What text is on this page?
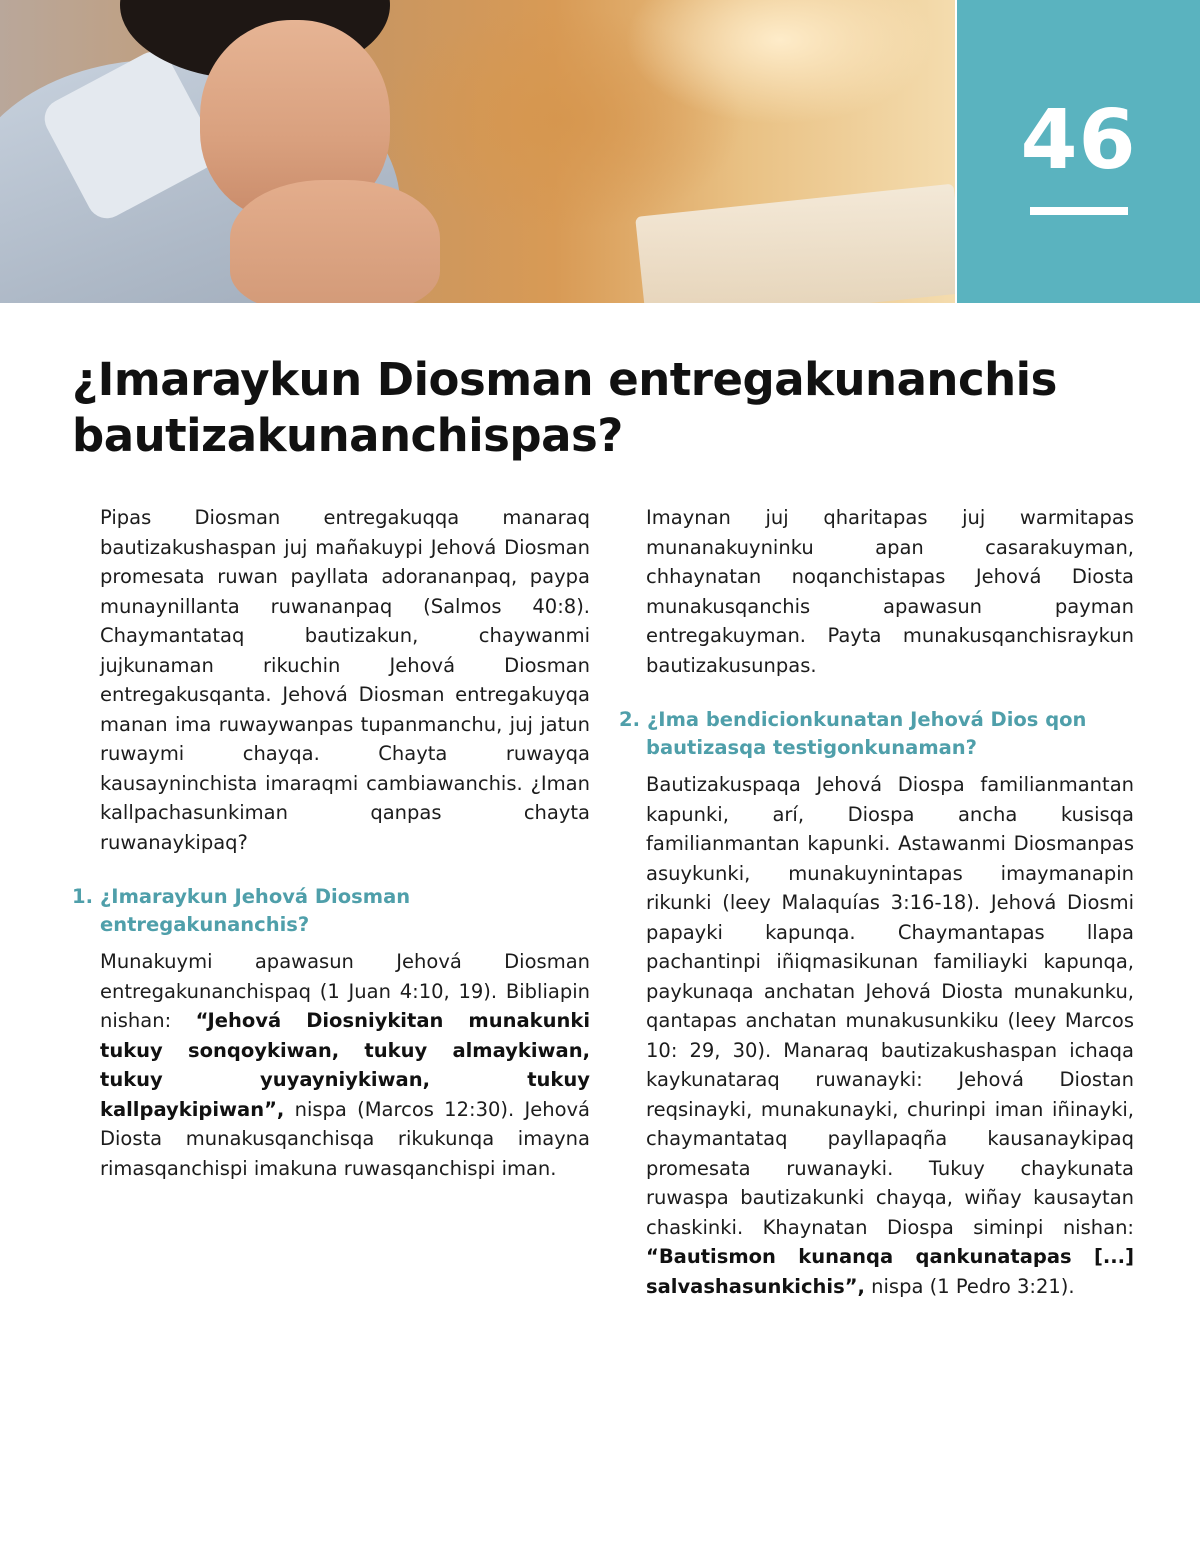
46
¿Imaraykun Diosman entregakunanchis
bautizakunanchispas?

Pipas Diosman entregakuqqa manaraq bautizakushaspan juj mañakuypi Jehová Diosman promesata ruwan payllata adorananpaq, paypa munaynillanta ruwananpaq (Salmos 40:8). Chaymantataq bautizakun, chaywanmi jujkunaman rikuchin Jehová Diosman entregakusqanta. Jehová Diosman entregakuyqa manan ima ruwaywanpas tupanmanchu, juj jatun ruwaymi chayqa. Chayta ruwayqa kausayninchista imaraqmi cambiawanchis. ¿Iman kallpachasunkiman qanpas chayta ruwanaykipaq?

1. ¿Imaraykun Jehová Diosman entregakunanchis?

Munakuymi apawasun Jehová Diosman entregakunanchispaq (1 Juan 4:10, 19). Bibliapin nishan: “Jehová Diosniykitan munakunki tukuy sonqoykiwan, tukuy almaykiwan, tukuy yuyayniykiwan, tukuy kallpaykipiwan”, nispa (Marcos 12:30). Jehová Diosta munakusqanchisqa rikukunqa imayna rimasqanchispi imakuna ruwasqanchispi iman.

Imaynan juj qharitapas juj warmitapas munanakuyninku apan casarakuyman, chhaynatan noqanchistapas Jehová Diosta munakusqanchis apawasun payman entregakuyman. Payta munakusqanchisraykun bautizakusunpas.

2. ¿Ima bendicionkunatan Jehová Dios qon bautizasqa testigonkunaman?

Bautizakuspaqa Jehová Diospa familianmantan kapunki, arí, Diospa ancha kusisqa familianmantan kapunki. Astawanmi Diosmanpas asuykunki, munakuynintapas imaymanapin rikunki (leey Malaquías 3:16-18). Jehová Diosmi papayki kapunqa. Chaymantapas llapa pachantinpi iñiqmasikunan familiayki kapunqa, paykunaqa anchatan Jehová Diosta munakunku, qantapas anchatan munakusunkiku (leey Marcos 10: 29, 30). Manaraq bautizakushaspan ichaqa kaykunataraq ruwanayki: Jehová Diostan reqsinayki, munakunayki, churinpi iman iñinayki, chaymantataq payllapaqña kausanaykipaq promesata ruwanayki. Tukuy chaykunata ruwaspa bautizakunki chayqa, wiñay kausaytan chaskinki. Khaynatan Diospa siminpi nishan: “Bautismon kunanqa qankunatapas [...] salvashasunkichis”, nispa (1 Pedro 3:21).
